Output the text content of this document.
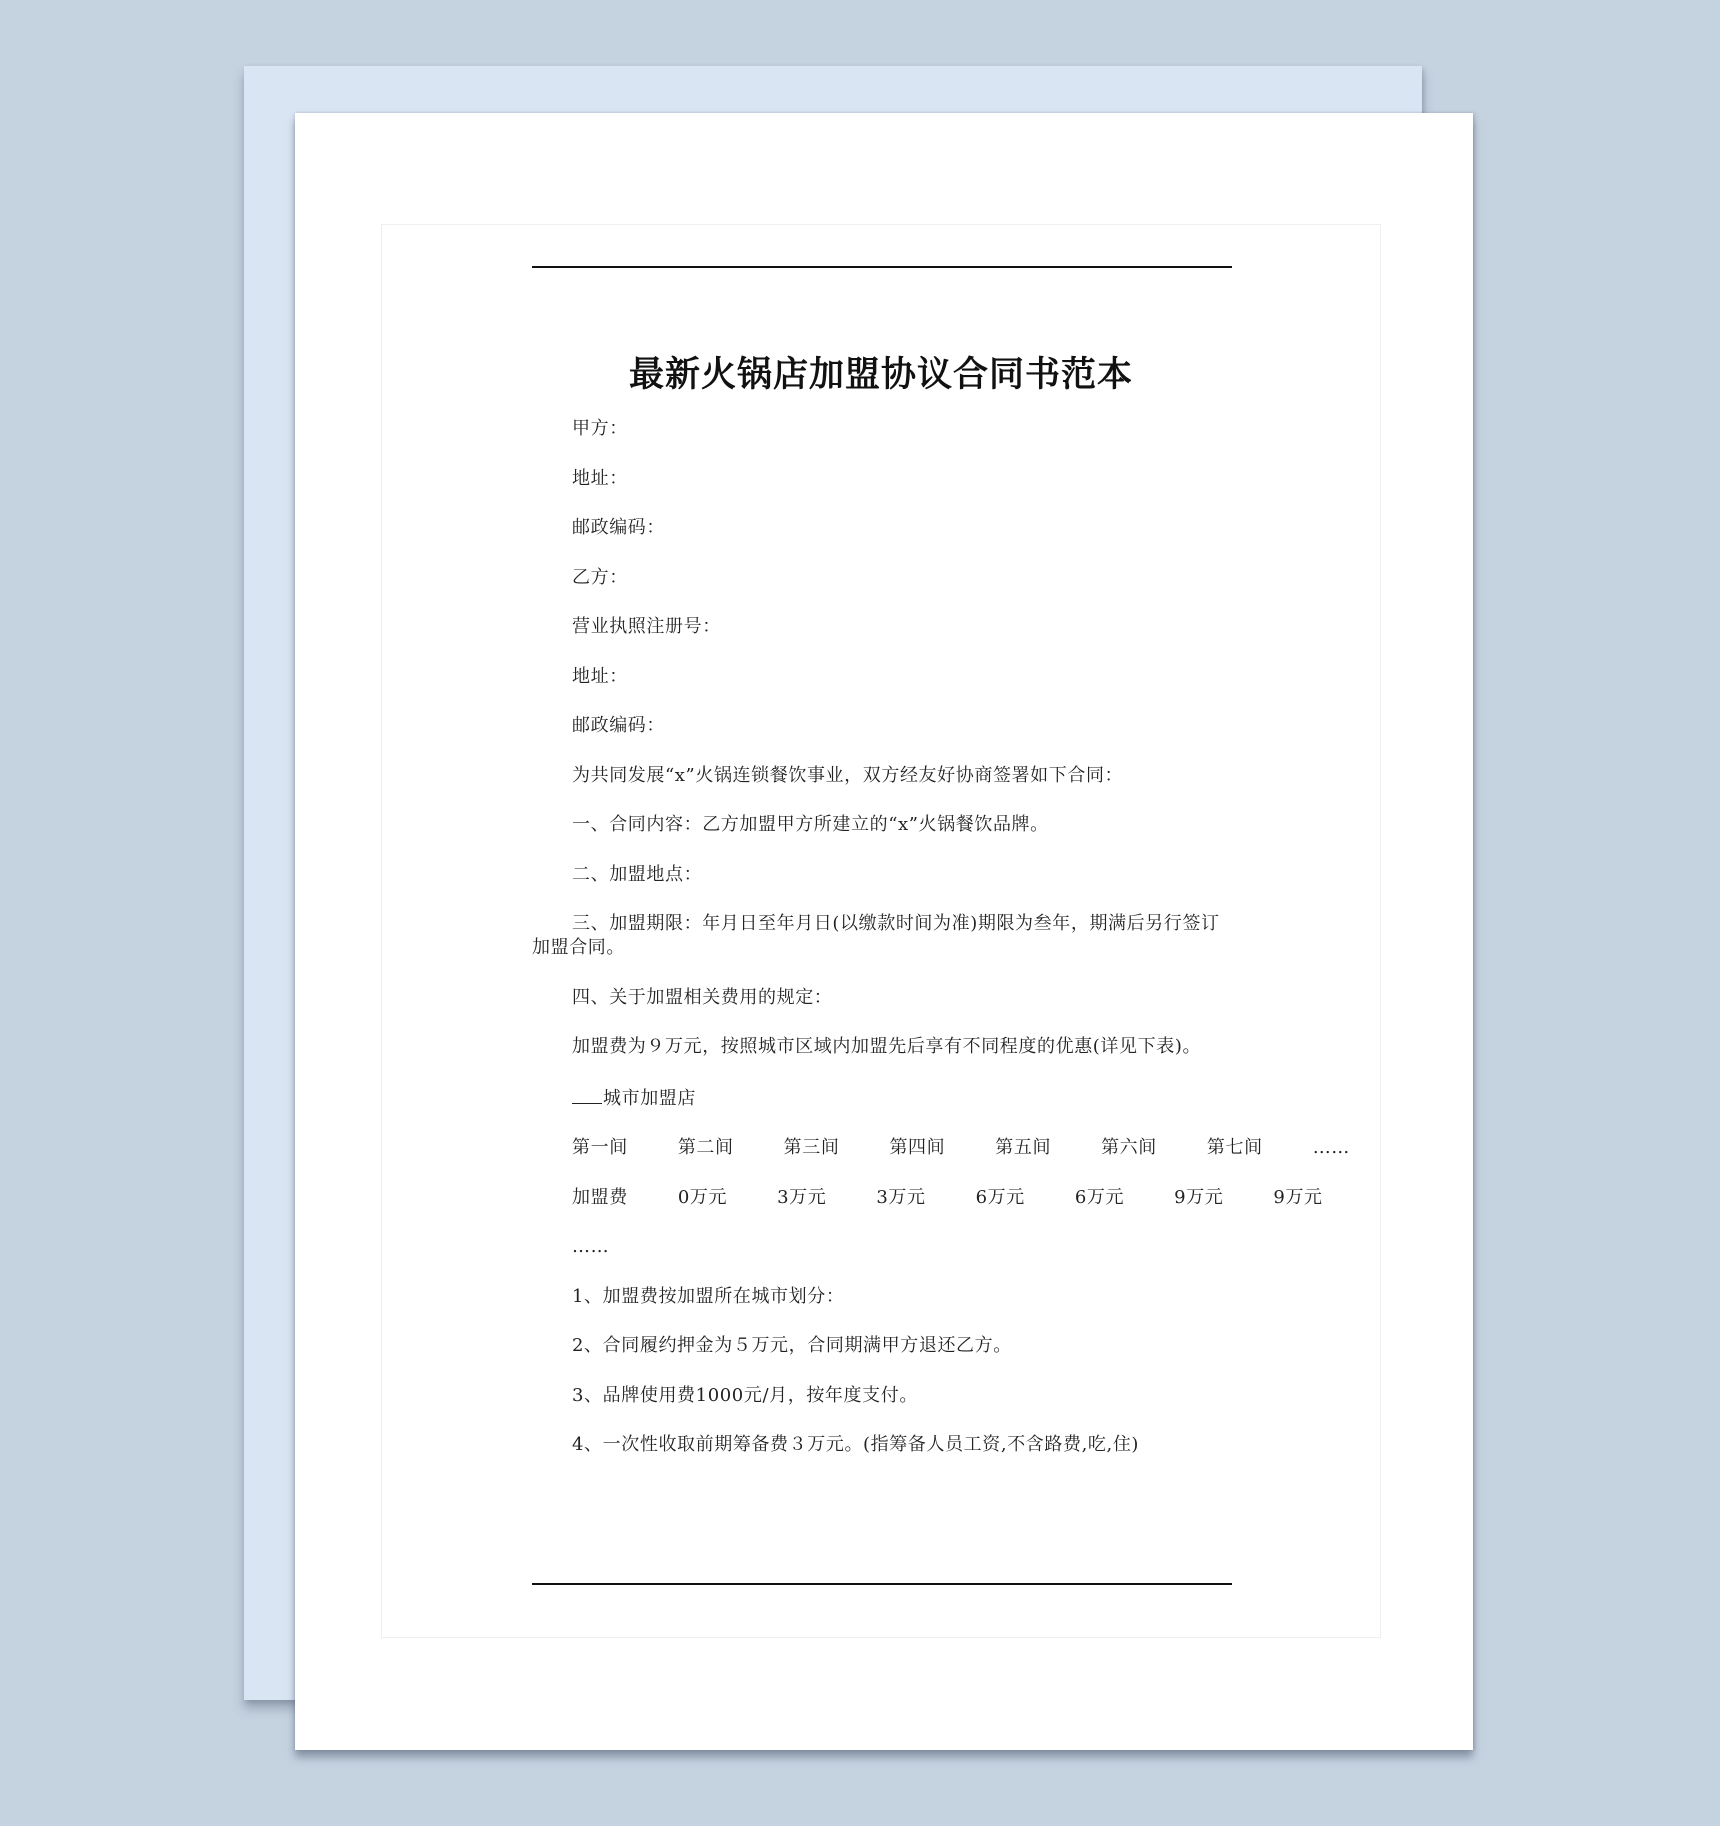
最新火锅店加盟协议合同书范本

甲方：

地址：

邮政编码：

乙方：

营业执照注册号：

地址：

邮政编码：

为共同发展“x”火锅连锁餐饮事业，双方经友好协商签署如下合同：

一、合同内容：乙方加盟甲方所建立的“x”火锅餐饮品牌。

二、加盟地点：

三、加盟期限：年月日至年月日(以缴款时间为准)期限为叁年，期满后另行签订加盟合同。

四、关于加盟相关费用的规定：

加盟费为９万元，按照城市区域内加盟先后享有不同程度的优惠(详见下表)。

城市加盟店

第一间	第二间	第三间	第四间	第五间	第六间	第七间	……

加盟费	0万元	3万元	3万元	6万元	6万元	9万元	9万元

……

1、加盟费按加盟所在城市划分：

2、合同履约押金为５万元，合同期满甲方退还乙方。

3、品牌使用费1000元/月，按年度支付。

4、一次性收取前期筹备费３万元。(指筹备人员工资,不含路费,吃,住)
